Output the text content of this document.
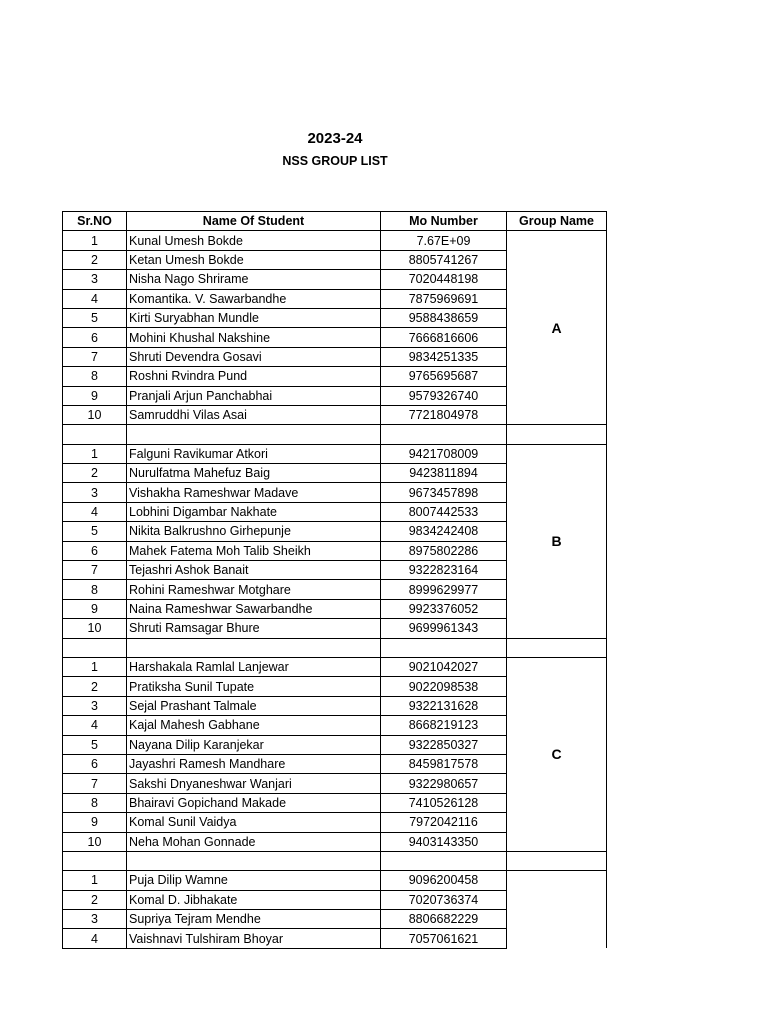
2023-24
NSS GROUP LIST
Sr.NO	Name Of Student	Mo Number	Group Name
1	Kunal Umesh Bokde	7.67E+09	A
2	Ketan Umesh Bokde	8805741267	
3	Nisha Nago Shrirame	7020448198	
4	Komantika. V. Sawarbandhe	7875969691	
5	Kirti Suryabhan Mundle	9588438659	
6	Mohini Khushal Nakshine	7666816606	
7	Shruti Devendra Gosavi	9834251335	
8	Roshni Rvindra Pund	9765695687	
9	Pranjali Arjun Panchabhai	9579326740	
10	Samruddhi Vilas Asai	7721804978	

1	Falguni Ravikumar Atkori	9421708009	B
2	Nurulfatma Mahefuz Baig	9423811894	
3	Vishakha Rameshwar Madave	9673457898	
4	Lobhini Digambar Nakhate	8007442533	
5	Nikita Balkrushno Girhepunje	9834242408	
6	Mahek Fatema Moh Talib Sheikh	8975802286	
7	Tejashri Ashok Banait	9322823164	
8	Rohini Rameshwar Motghare	8999629977	
9	Naina Rameshwar Sawarbandhe	9923376052	
10	Shruti Ramsagar Bhure	9699961343	

1	Harshakala Ramlal Lanjewar	9021042027	C
2	Pratiksha Sunil Tupate	9022098538	
3	Sejal Prashant Talmale	9322131628	
4	Kajal Mahesh Gabhane	8668219123	
5	Nayana Dilip Karanjekar	9322850327	
6	Jayashri Ramesh Mandhare	8459817578	
7	Sakshi Dnyaneshwar Wanjari	9322980657	
8	Bhairavi Gopichand Makade	7410526128	
9	Komal Sunil Vaidya	7972042116	
10	Neha Mohan Gonnade	9403143350	

1	Puja Dilip Wamne	9096200458	
2	Komal D. Jibhakate	7020736374	
3	Supriya Tejram Mendhe	8806682229	
4	Vaishnavi Tulshiram Bhoyar	7057061621	
